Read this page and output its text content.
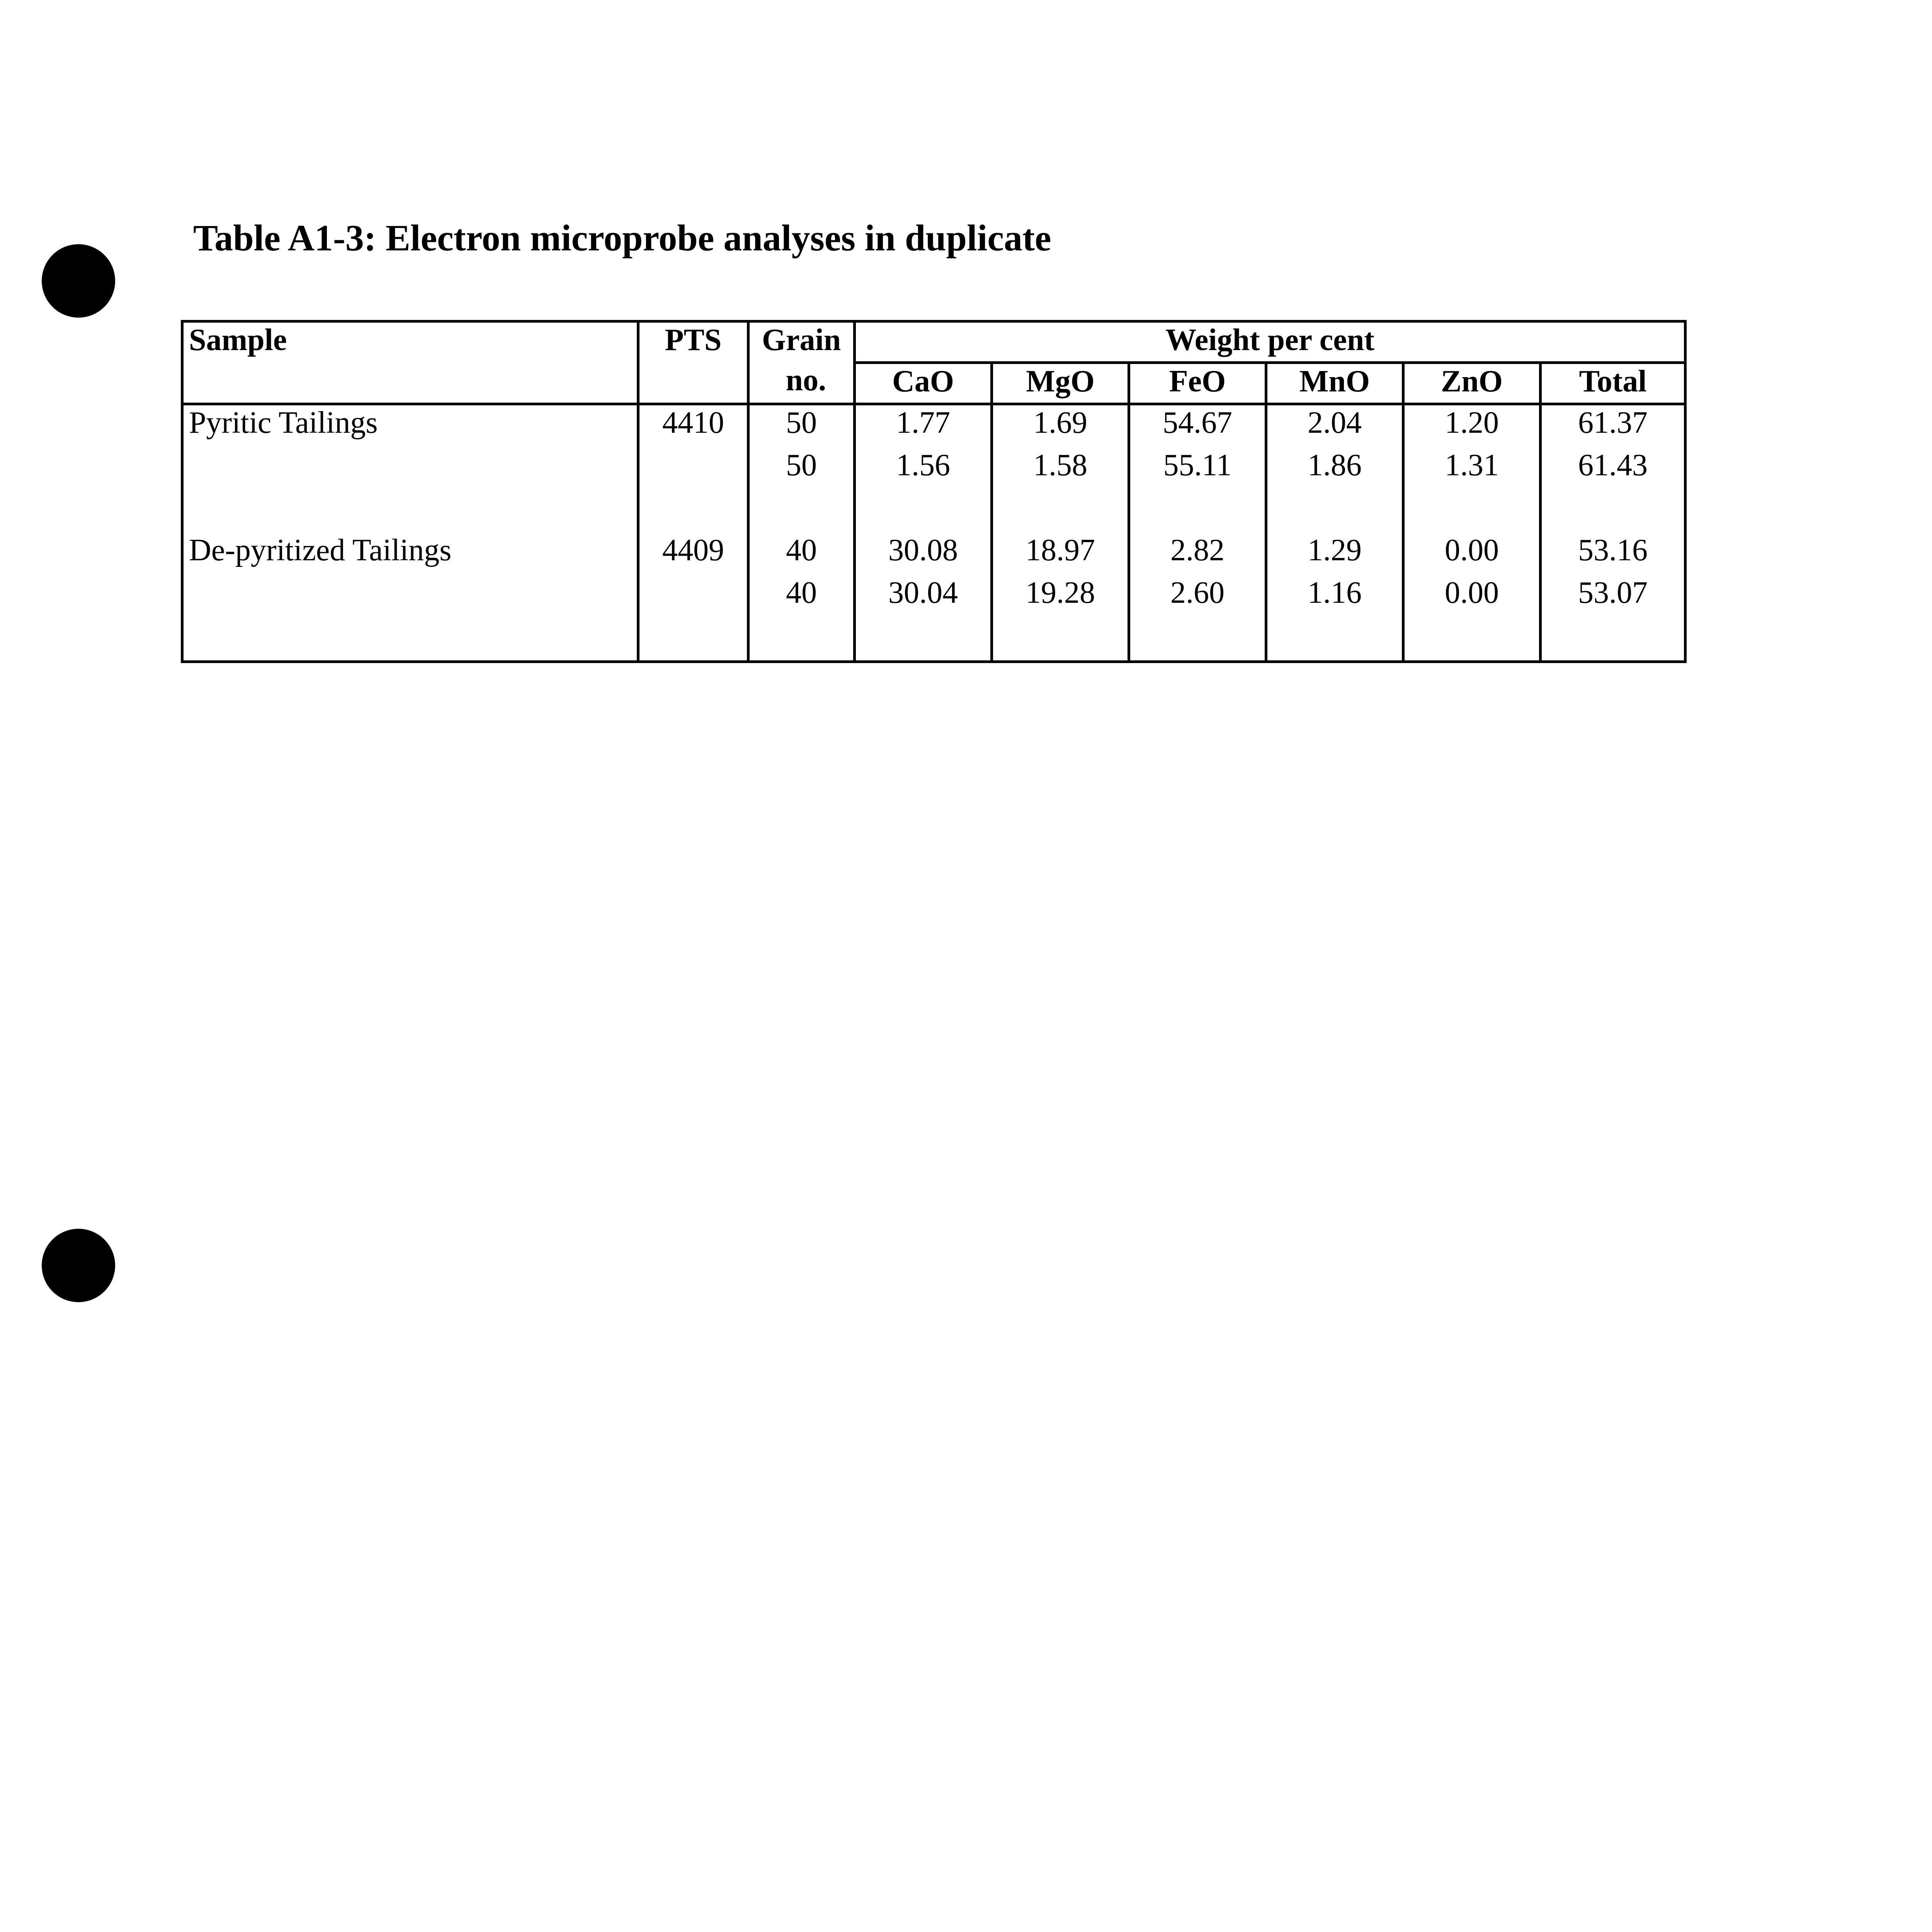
Table A1-3: Electron microprobe analyses in duplicate
Sample	PTS	Grain	Weight per cent					
		no.	CaO	MgO	FeO	MnO	ZnO	Total
Pyritic Tailings	4410	50	1.77	1.69	54.67	2.04	1.20	61.37
		50	1.56	1.58	55.11	1.86	1.31	61.43

De-pyritized Tailings	4409	40	30.08	18.97	2.82	1.29	0.00	53.16
		40	30.04	19.28	2.60	1.16	0.00	53.07
